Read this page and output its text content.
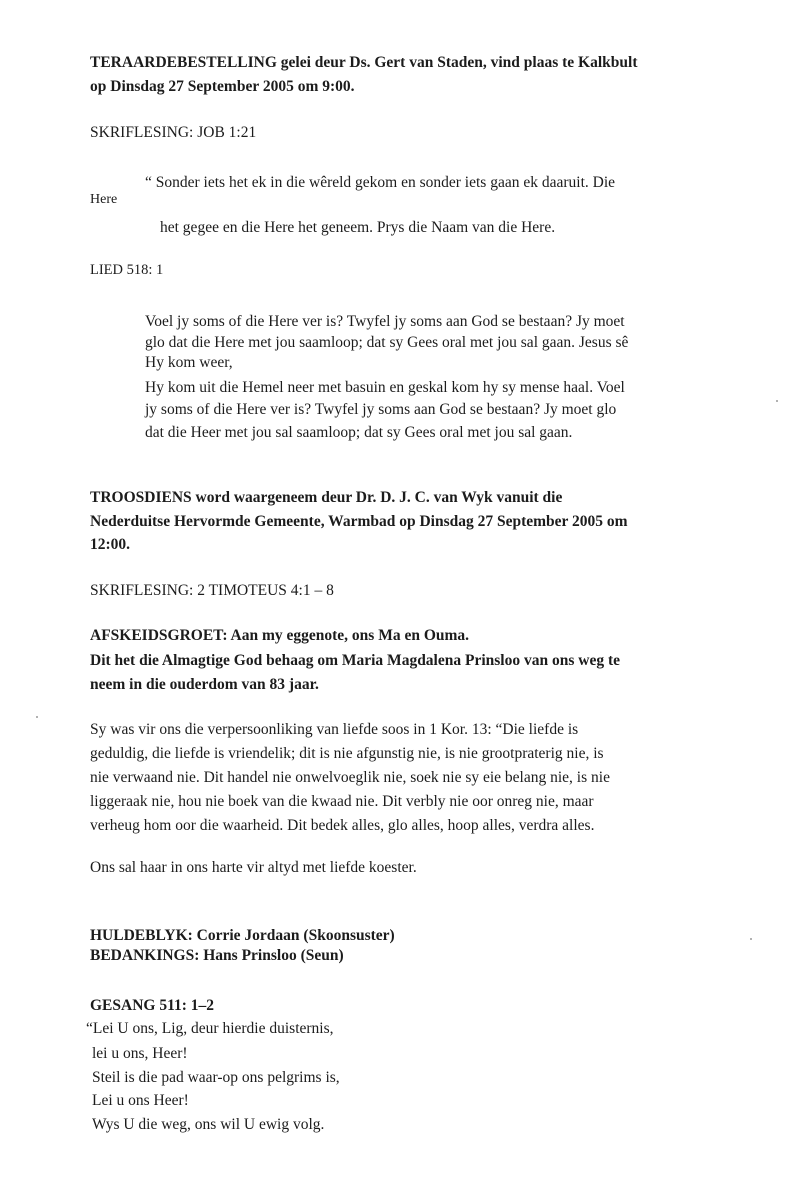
TERAARDEBESTELLING gelei deur Ds. Gert van Staden, vind plaas te Kalkbult
op Dinsdag 27 September 2005 om 9:00.
SKRIFLESING: JOB 1:21
“ Sonder iets het ek in die wêreld gekom en sonder iets gaan ek daaruit. Die
Here
het gegee en die Here het geneem. Prys die Naam van die Here.
LIED 518: 1
Voel jy soms of die Here ver is? Twyfel jy soms aan God se bestaan? Jy moet
glo dat die Here met jou saamloop; dat sy Gees oral met jou sal gaan. Jesus sê
Hy kom weer,
Hy kom uit die Hemel neer met basuin en geskal kom hy sy mense haal. Voel
jy soms of die Here ver is? Twyfel jy soms aan God se bestaan? Jy moet glo
dat die Heer met jou sal saamloop; dat sy Gees oral met jou sal gaan.
TROOSDIENS word waargeneem deur Dr. D. J. C. van Wyk vanuit die
Nederduitse Hervormde Gemeente, Warmbad op Dinsdag 27 September 2005 om
12:00.
SKRIFLESING: 2 TIMOTEUS 4:1 – 8
AFSKEIDSGROET: Aan my eggenote, ons Ma en Ouma.
Dit het die Almagtige God behaag om Maria Magdalena Prinsloo van ons weg te
neem in die ouderdom van 83 jaar.
Sy was vir ons die verpersoonliking van liefde soos in 1 Kor. 13: “Die liefde is
geduldig, die liefde is vriendelik; dit is nie afgunstig nie, is nie grootpraterig nie, is
nie verwaand nie. Dit handel nie onwelvoeglik nie, soek nie sy eie belang nie, is nie
liggeraak nie, hou nie boek van die kwaad nie. Dit verbly nie oor onreg nie, maar
verheug hom oor die waarheid. Dit bedek alles, glo alles, hoop alles, verdra alles.
Ons sal haar in ons harte vir altyd met liefde koester.
HULDEBLYK: Corrie Jordaan (Skoonsuster)
BEDANKINGS: Hans Prinsloo (Seun)
GESANG 511: 1–2
“Lei U ons, Lig, deur hierdie duisternis,
lei u ons, Heer!
Steil is die pad waar-op ons pelgrims is,
Lei u ons Heer!
Wys U die weg, ons wil U ewig volg.
